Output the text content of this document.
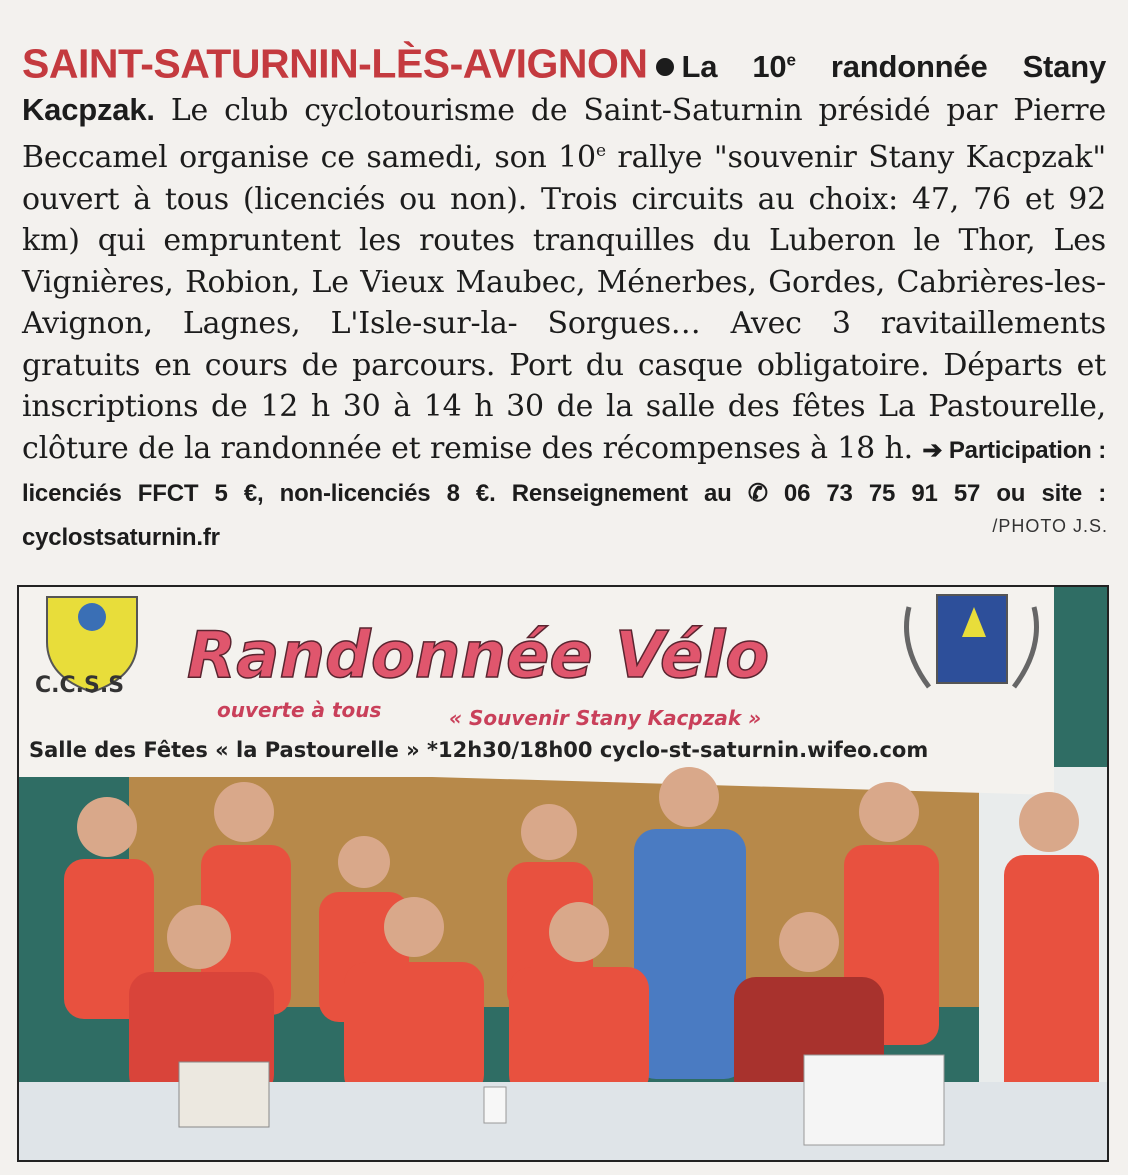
SAINT-SATURNIN-LÈS-AVIGNON La 10e randonnée Stany Kacpzak. Le club cyclotourisme de Saint-Saturnin présidé par Pierre Beccamel organise ce samedi, son 10e rallye "souvenir Stany Kacpzak" ouvert à tous (licenciés ou non). Trois circuits au choix: 47, 76 et 92 km) qui empruntent les routes tranquilles du Luberon le Thor, Les Vignières, Robion, Le Vieux Maubec, Ménerbes, Gordes, Cabrières-les-Avignon, Lagnes, L'Isle-sur-la- Sorgues… Avec 3 ravitaillements gratuits en cours de parcours. Port du casque obligatoire. Départs et inscriptions de 12 h 30 à 14 h 30 de la salle des fêtes La Pastourelle, clôture de la randonnée et remise des récompenses à 18 h. ➔ Participation : licenciés FFCT 5 €, non-licenciés 8 €. Renseignement au ✆ 06 73 75 91 57 ou site : cyclostsaturnin.fr	/PHOTO J.S.
C.C.S.S Randonnée Vélo
ouverte à tous	« Souvenir Stany Kacpzak »
Salle des Fêtes « la Pastourelle » *12h30/18h00 cyclo-st-saturnin.wifeo.com
